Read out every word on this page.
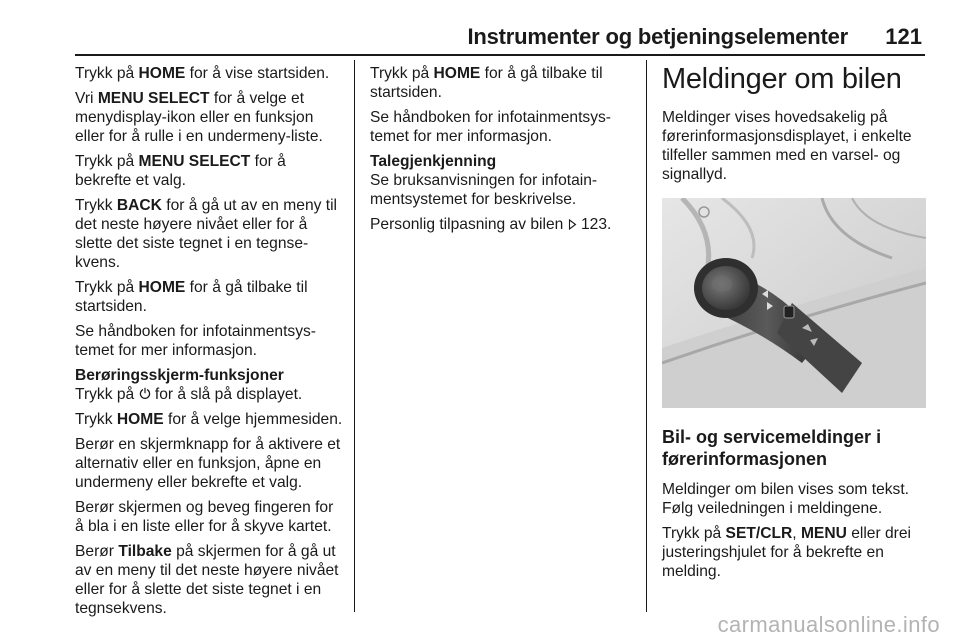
Instrumenter og betjeningselementer 121

Trykk på HOME for å vise startsiden.

Vri MENU SELECT for å velge et menydisplay-ikon eller en funksjon eller for å rulle i en undermeny-liste.

Trykk på MENU SELECT for å bekrefte et valg.

Trykk BACK for å gå ut av en meny til det neste høyere nivået eller for å slette det siste tegnet i en tegnsekvens.

Trykk på HOME for å gå tilbake til startsiden.

Se håndboken for infotainmentsystemet for mer informasjon.

Berøringsskjerm-funksjoner
Trykk på  for å slå på displayet.

Trykk HOME for å velge hjemmesiden.

Berør en skjermknapp for å aktivere et alternativ eller en funksjon, åpne en undermeny eller bekrefte et valg.

Berør skjermen og beveg fingeren for å bla i en liste eller for å skyve kartet.

Berør Tilbake på skjermen for å gå ut av en meny til det neste høyere nivået eller for å slette det siste tegnet i en tegnsekvens.

Trykk på HOME for å gå tilbake til startsiden.

Se håndboken for infotainmentsystemet for mer informasjon.

Talegjenkjenning
Se bruksanvisningen for infotainmentsystemet for beskrivelse.

Personlig tilpasning av bilen  123.

Meldinger om bilen

Meldinger vises hovedsakelig på førerinformasjonsdisplayet, i enkelte tilfeller sammen med en varsel- og signallyd.

Bil- og servicemeldinger i førerinformasjonen

Meldinger om bilen vises som tekst. Følg veiledningen i meldingene.

Trykk på SET/CLR, MENU eller drei justeringshjulet for å bekrefte en melding.

carmanualsonline.info
